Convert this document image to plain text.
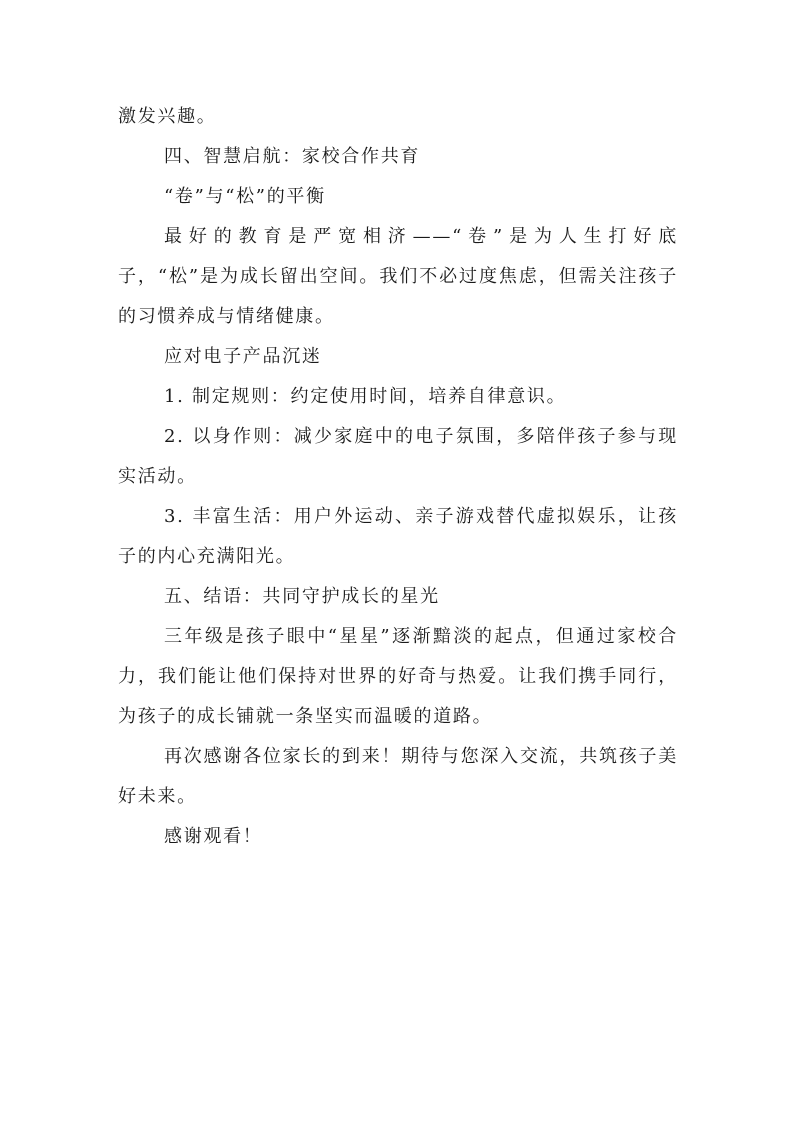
激发兴趣。

四、智慧启航：家校合作共育

“卷”与“松”的平衡

最好的教育是严宽相济——“卷”是为人生打好底子，“松”是为成长留出空间。我们不必过度焦虑，但需关注孩子的习惯养成与情绪健康。

应对电子产品沉迷

1. 制定规则：约定使用时间，培养自律意识。

2. 以身作则：减少家庭中的电子氛围，多陪伴孩子参与现实活动。

3. 丰富生活：用户外运动、亲子游戏替代虚拟娱乐，让孩子的内心充满阳光。

五、结语：共同守护成长的星光

三年级是孩子眼中“星星”逐渐黯淡的起点，但通过家校合力，我们能让他们保持对世界的好奇与热爱。让我们携手同行，为孩子的成长铺就一条坚实而温暖的道路。

再次感谢各位家长的到来！期待与您深入交流，共筑孩子美好未来。

感谢观看！
